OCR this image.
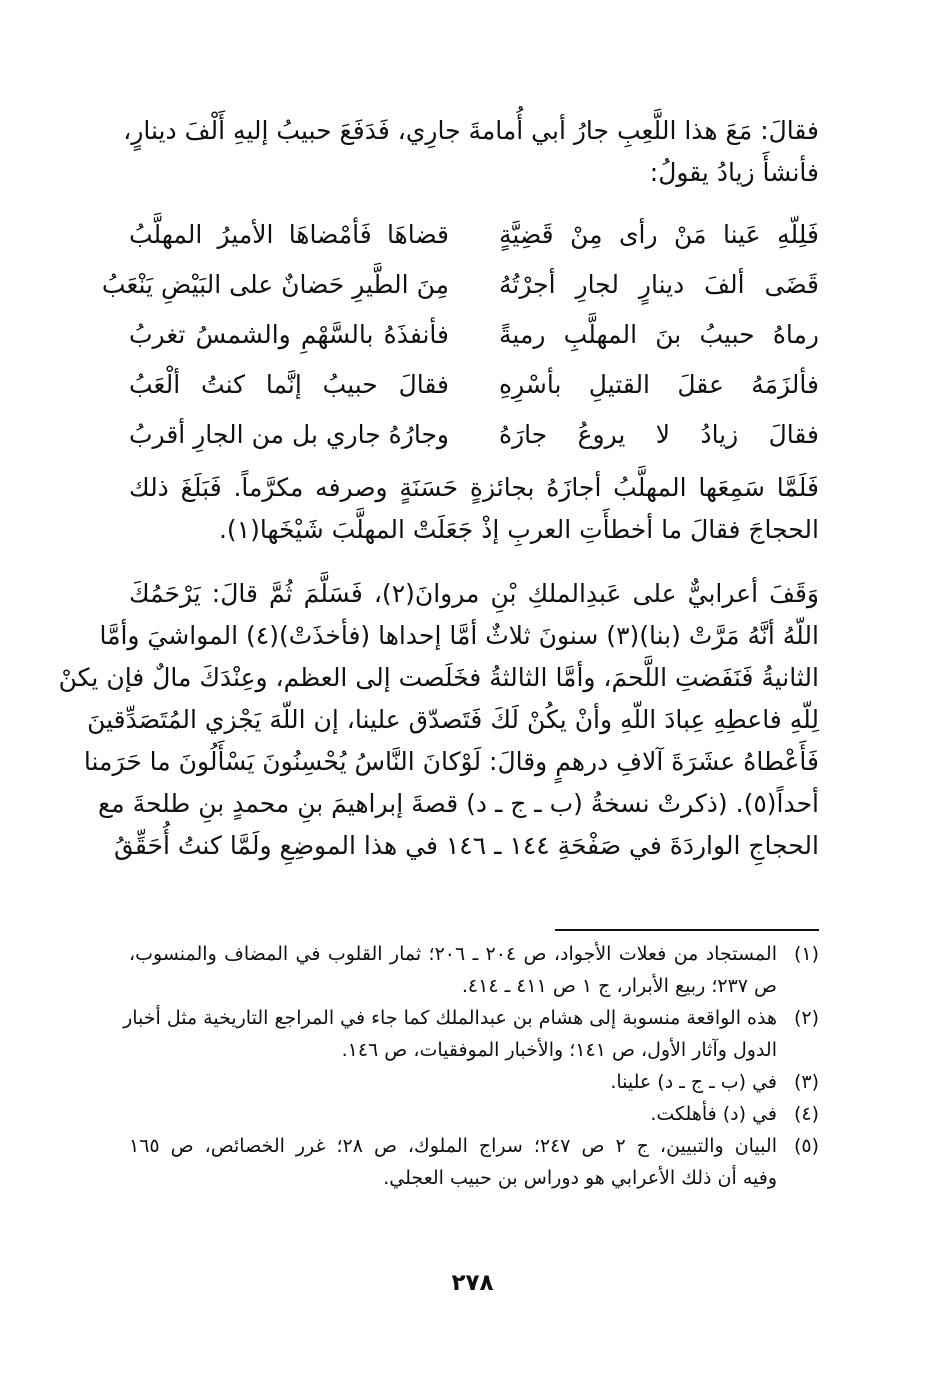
فقالَ: مَعَ هذا اللَّعِبِ جارُ أبي أُمامةَ جارِي، فَدَفَعَ حبيبُ إليهِ أَلْفَ دينارٍ،
فأنشأَ زيادُ يقولُ:
فَلِلّهِ عَينا مَنْ رأى مِنْ قَضِيَّةٍ
قضاهَا فَأمْضاهَا الأميرُ المهلَّبُ
قَضَى ألفَ دينارٍ لجارِ أجرْتُهُ
مِنَ الطَّيرِ حَضانٌ على البَيْضِ يَنْعَبُ
رماهُ حبيبُ بنَ المهلَّبِ رميةً
فأنفذَهُ بالسَّهْمِ والشمسُ تغربُ
فألزَمَهُ عقلَ القتيلِ بأسْرِهِ
فقالَ حبيبُ إنَّما كنتُ ألْعَبُ
فقالَ زيادُ لا يروعُ جارَهُ
وجارُهُ جاري بل من الجارِ أقربُ
فَلَمَّا سَمِعَها المهلَّبُ أجازَهُ بجائزةٍ حَسَنَةٍ وصرفه مكرَّماً. فَبَلَغَ ذلك
الحجاجَ فقالَ ما أخطأَتِ العربِ إذْ جَعَلَتْ المهلَّبَ شَيْخَها(١).
وَقَفَ أعرابيٌّ على عَبدِالملكِ بْنِ مروانَ(٢)، فَسَلَّمَ ثُمَّ قالَ: يَرْحَمُكَ
اللّهُ أنَّهُ مَرَّتْ (بنا)(٣) سنونَ ثلاثٌ أمَّا إحداها (فأخذَتْ)(٤) المواشيَ وأمَّا
الثانيةُ فَنَفَضتِ اللَّحمَ، وأمَّا الثالثةُ فخَلَصت إلى العظم، وعِنْدَكَ مالٌ فإن يكنْ
لِلّهِ فاعطِهِ عِبادَ اللّهِ وأنْ يكُنْ لَكَ فَتَصدّق علينا، إن اللّهَ يَجْزي المُتَصَدِّقينَ
فَأَعْطاهُ عشَرَةَ آلافِ درهمٍ وقالَ: لَوْكانَ النَّاسُ يُحْسِنُونَ يَسْأَلُونَ ما حَرَمنا
أحداً(٥). (ذكرتْ نسخةُ (ب ـ ج ـ د) قصةَ إبراهيمَ بنِ محمدٍ بنِ طلحةَ مع
الحجاجِ الواردَةَ في صَفْحَةِ ١٤٤ ـ ١٤٦ في هذا الموضِعِ ولَمَّا كنتُ أُحَقِّقُ
(١)
المستجاد من فعلات الأجواد، ص ٢٠٤ ـ ٢٠٦؛ ثمار القلوب في المضاف والمنسوب،
ص ٢٣٧؛ ربيع الأبرار، ج ١ ص ٤١١ ـ ٤١٤.
(٢)
هذه الواقعة منسوبة إلى هشام بن عبدالملك كما جاء في المراجع التاريخية مثل أخبار
الدول وآثار الأول، ص ١٤١؛ والأخبار الموفقيات، ص ١٤٦.
(٣)
في (ب ـ ج ـ د) علينا.
(٤)
في (د) فأهلكت.
(٥)
البيان والتبيين، ج ٢ ص ٢٤٧؛ سراج الملوك، ص ٢٨؛ غرر الخصائص، ص ١٦٥
وفيه أن ذلك الأعرابي هو دوراس بن حبيب العجلي.
٢٧٨
